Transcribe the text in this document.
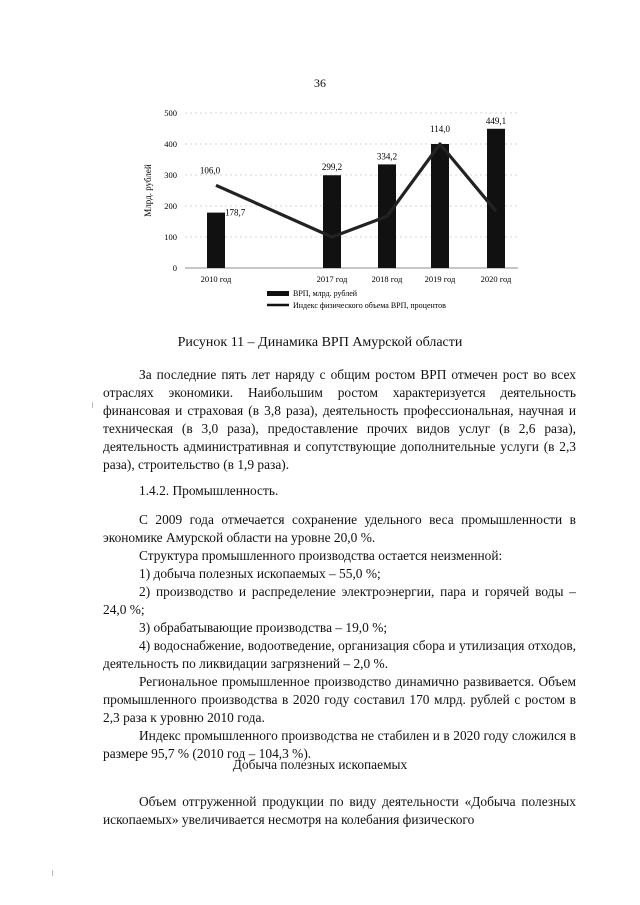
36
0
100
200
300
400
500
Млрд. рублей	178,7
299,2
334,2
449,1
106,0
114,0
2010 год	2017 год	2018 год	2019 год	2020 год
ВРП, млрд. рублей
Индекс физического объема ВРП, процентов
Рисунок 11 – Динамика ВРП Амурской области

За последние пять лет наряду с общим ростом ВРП отмечен рост во всех отраслях экономики. Наибольшим ростом характеризуется деятельность финансовая и страховая (в 3,8 раза), деятельность профессиональная, научная и техническая (в 3,0 раза), предоставление прочих видов услуг (в 2,6 раза), деятельность административная и сопутствующие дополнительные услуги (в 2,3 раза), строительство (в 1,9 раза).

1.4.2. Промышленность.

С 2009 года отмечается сохранение удельного веса промышленности в экономике Амурской области на уровне 20,0 %.

Структура промышленного производства остается неизменной:

1) добыча полезных ископаемых – 55,0 %;

2) производство и распределение электроэнергии, пара и горячей воды – 24,0 %;

3) обрабатывающие производства – 19,0 %;

4) водоснабжение, водоотведение, организация сбора и утилизация отходов, деятельность по ликвидации загрязнений – 2,0 %.

Региональное промышленное производство динамично развивается. Объем промышленного производства в 2020 году составил 170 млрд. рублей с ростом в 2,3 раза к уровню 2010 года.

Индекс промышленного производства не стабилен и в 2020 году сложился в размере 95,7 % (2010 год – 104,3 %).

Добыча полезных ископаемых

Объем отгруженной продукции по виду деятельности «Добыча полезных ископаемых» увеличивается несмотря на колебания физического
